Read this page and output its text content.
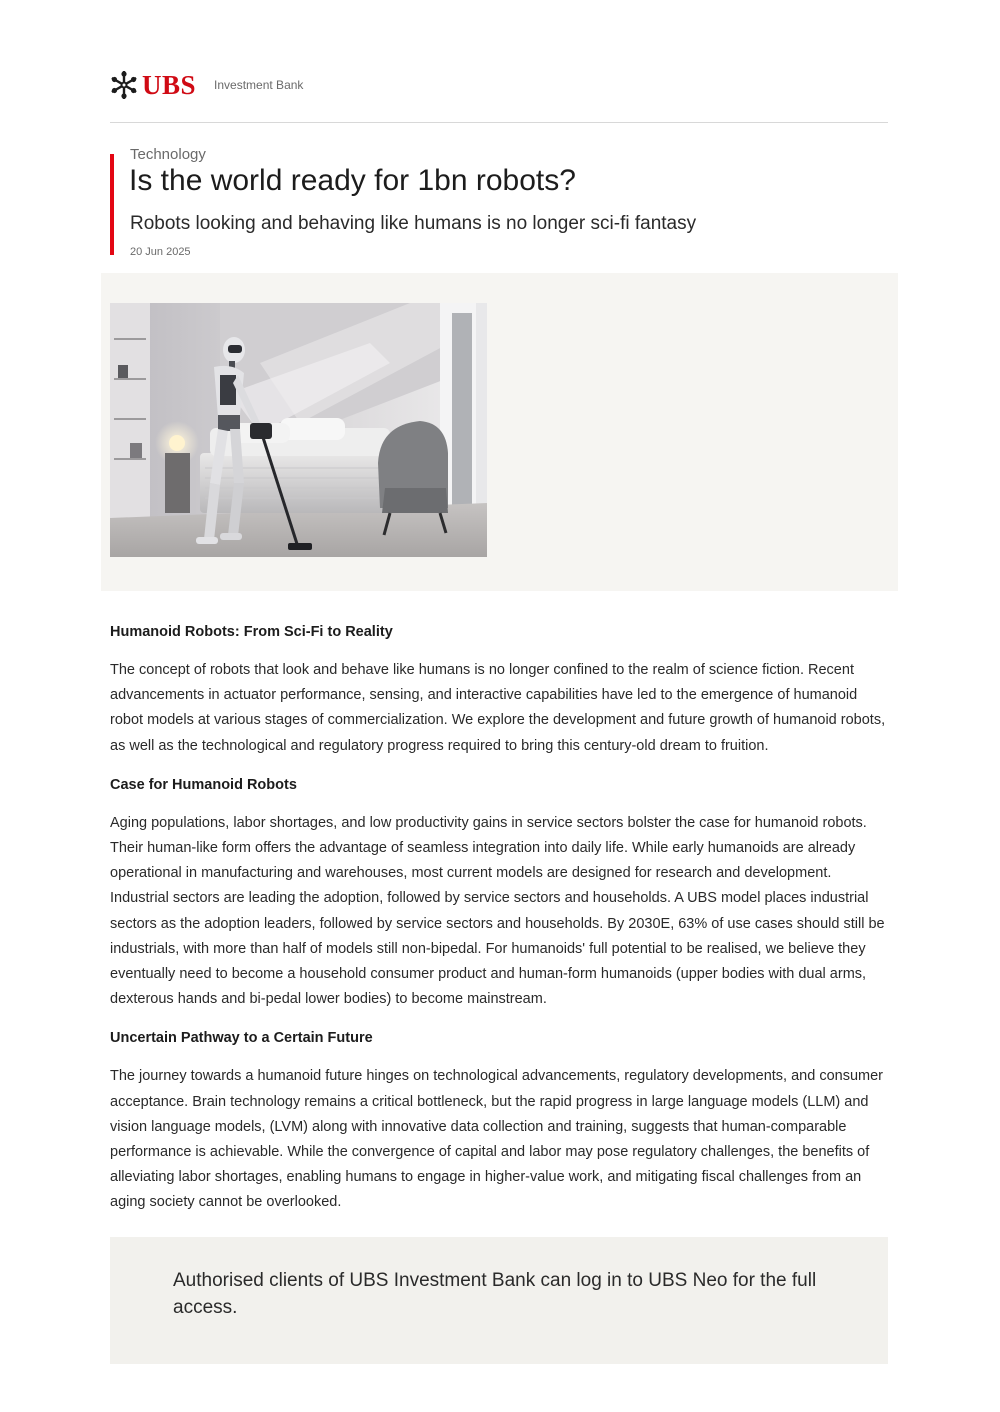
UBS Investment Bank
Technology
Is the world ready for 1bn robots?
Robots looking and behaving like humans is no longer sci-fi fantasy
20 Jun 2025
Humanoid Robots: From Sci-Fi to Reality

The concept of robots that look and behave like humans is no longer confined to the realm of science fiction. Recent advancements in actuator performance, sensing, and interactive capabilities have led to the emergence of humanoid robot models at various stages of commercialization. We explore the development and future growth of humanoid robots, as well as the technological and regulatory progress required to bring this century-old dream to fruition.

Case for Humanoid Robots

Aging populations, labor shortages, and low productivity gains in service sectors bolster the case for humanoid robots. Their human-like form offers the advantage of seamless integration into daily life. While early humanoids are already operational in manufacturing and warehouses, most current models are designed for research and development. Industrial sectors are leading the adoption, followed by service sectors and households. A UBS model places industrial sectors as the adoption leaders, followed by service sectors and households. By 2030E, 63% of use cases should still be industrials, with more than half of models still non-bipedal. For humanoids' full potential to be realised, we believe they eventually need to become a household consumer product and human-form humanoids (upper bodies with dual arms, dexterous hands and bi-pedal lower bodies) to become mainstream.

Uncertain Pathway to a Certain Future

The journey towards a humanoid future hinges on technological advancements, regulatory developments, and consumer acceptance. Brain technology remains a critical bottleneck, but the rapid progress in large language models (LLM) and vision language models, (LVM) along with innovative data collection and training, suggests that human-comparable performance is achievable. While the convergence of capital and labor may pose regulatory challenges, the benefits of alleviating labor shortages, enabling humans to engage in higher-value work, and mitigating fiscal challenges from an aging society cannot be overlooked.

Authorised clients of UBS Investment Bank can log in to UBS Neo for the full access.
